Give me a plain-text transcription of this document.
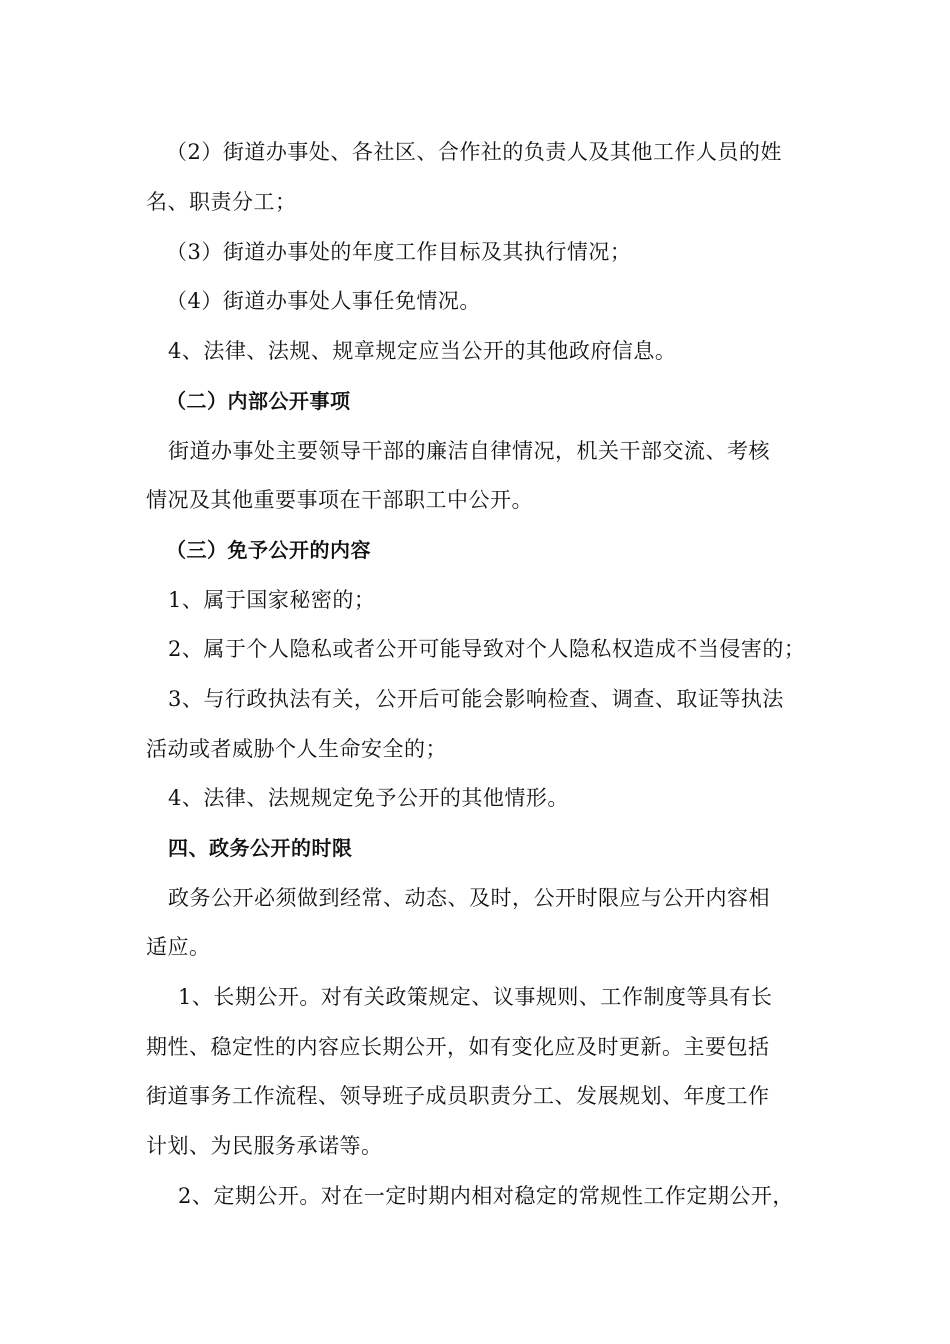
（2）街道办事处、各社区、合作社的负责人及其他工作人员的姓
名、职责分工；
（3）街道办事处的年度工作目标及其执行情况；
（4）街道办事处人事任免情况。
4、法律、法规、规章规定应当公开的其他政府信息。
（二）内部公开事项
街道办事处主要领导干部的廉洁自律情况，机关干部交流、考核
情况及其他重要事项在干部职工中公开。
（三）免予公开的内容
1、属于国家秘密的；
2、属于个人隐私或者公开可能导致对个人隐私权造成不当侵害的；
3、与行政执法有关，公开后可能会影响检查、调查、取证等执法
活动或者威胁个人生命安全的；
4、法律、法规规定免予公开的其他情形。
四、政务公开的时限
政务公开必须做到经常、动态、及时，公开时限应与公开内容相
适应。
1、长期公开。对有关政策规定、议事规则、工作制度等具有长
期性、稳定性的内容应长期公开，如有变化应及时更新。主要包括
街道事务工作流程、领导班子成员职责分工、发展规划、年度工作
计划、为民服务承诺等。
2、定期公开。对在一定时期内相对稳定的常规性工作定期公开，
